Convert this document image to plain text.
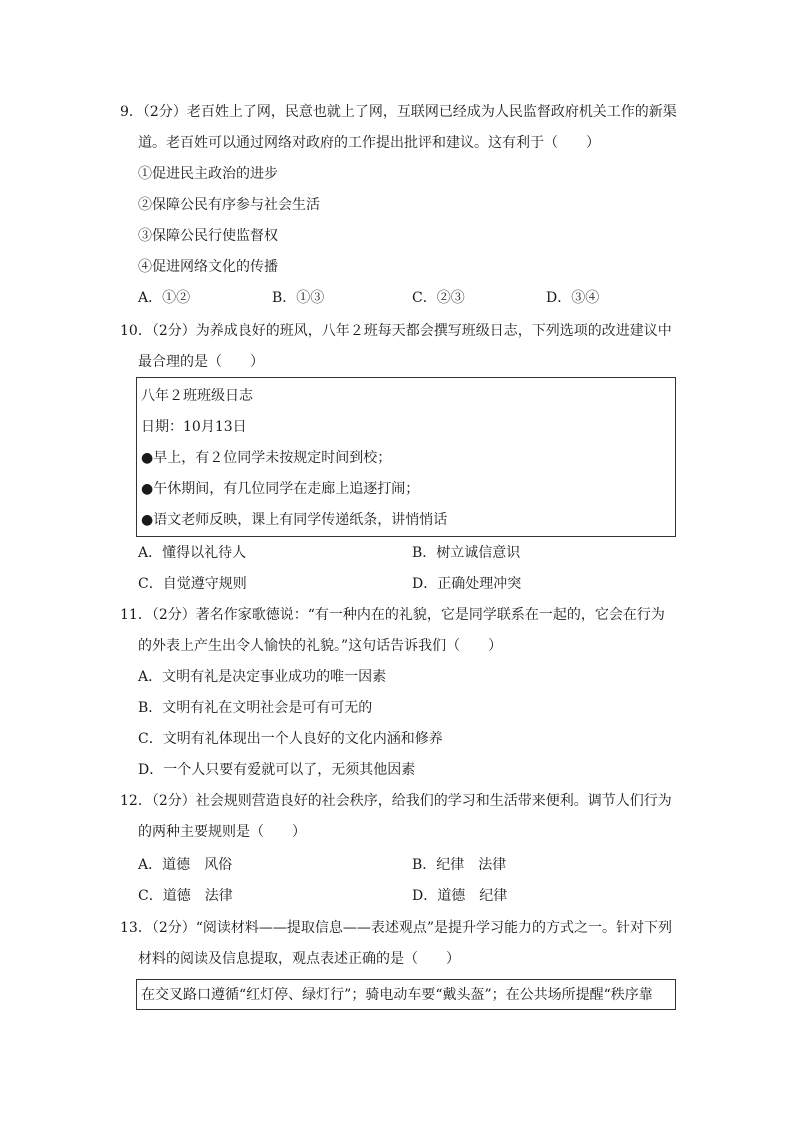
9．（2分）老百姓上了网，民意也就上了网，互联网已经成为人民监督政府机关工作的新渠
道。老百姓可以通过网络对政府的工作提出批评和建议。这有利于（　　）
①促进民主政治的进步
②保障公民有序参与社会生活
③保障公民行使监督权
④促进网络文化的传播
A．①②	B．①③	C．②③	D．③④
10．（2分）为养成良好的班风，八年２班每天都会撰写班级日志，下列选项的改进建议中
最合理的是（　　）
八年２班班级日志
日期：10月13日
●早上，有２位同学未按规定时间到校；
●午休期间，有几位同学在走廊上追逐打闹；
●语文老师反映，课上有同学传递纸条，讲悄悄话
A．懂得以礼待人	B．树立诚信意识
C．自觉遵守规则	D．正确处理冲突
11．（2分）著名作家歌德说：“有一种内在的礼貌，它是同学联系在一起的，它会在行为
的外表上产生出令人愉快的礼貌。”这句话告诉我们（　　）
A．文明有礼是决定事业成功的唯一因素
B．文明有礼在文明社会是可有可无的
C．文明有礼体现出一个人良好的文化内涵和修养
D．一个人只要有爱就可以了，无须其他因素
12．（2分）社会规则营造良好的社会秩序，给我们的学习和生活带来便利。调节人们行为
的两种主要规则是（　　）
A．道德　风俗	B．纪律　法律
C．道德　法律	D．道德　纪律
13．（2分）“阅读材料——提取信息——表述观点”是提升学习能力的方式之一。针对下列
材料的阅读及信息提取，观点表述正确的是（　　）
在交叉路口遵循“红灯停、绿灯行”；骑电动车要“戴头盔”；在公共场所提醒“秩序靠
